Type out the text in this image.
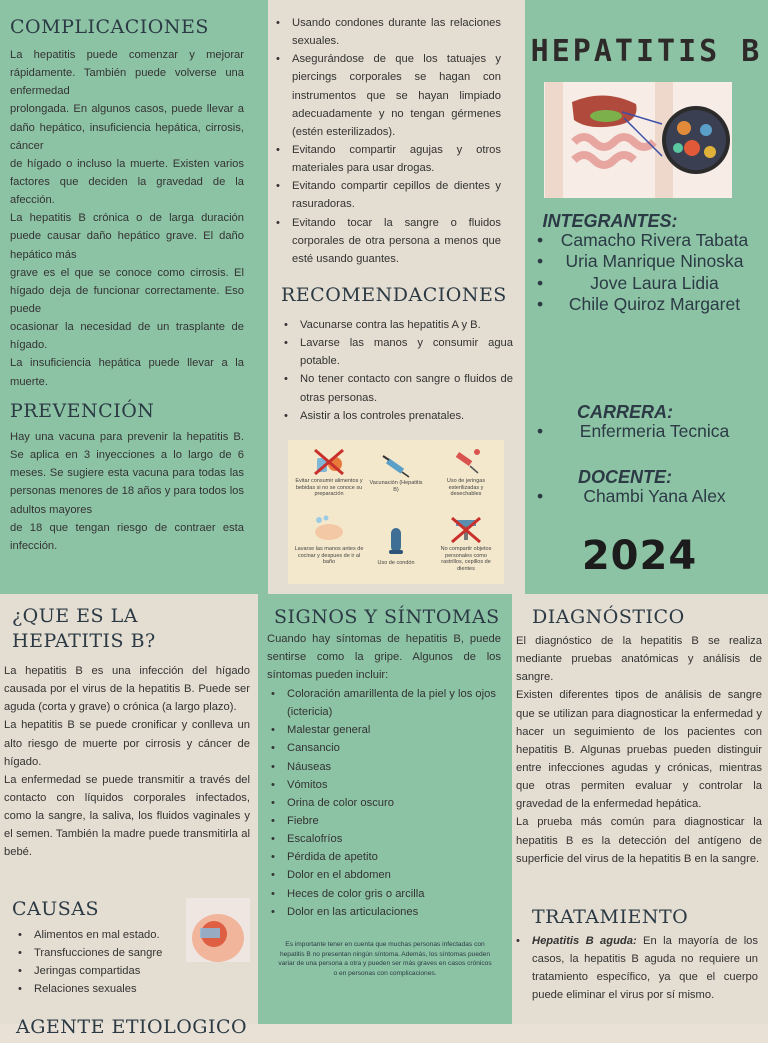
COMPLICACIONES

La hepatitis puede comenzar y mejorar rápidamente. También puede volverse una enfermedad

prolongada. En algunos casos, puede llevar a daño hepático, insuficiencia hepática, cirrosis, cáncer

de hígado o incluso la muerte. Existen varios factores que deciden la gravedad de la afección.

La hepatitis B crónica o de larga duración puede causar daño hepático grave. El daño hepático más

grave es el que se conoce como cirrosis. El hígado deja de funcionar correctamente. Eso puede

ocasionar la necesidad de un trasplante de hígado.

La insuficiencia hepática puede llevar a la muerte.

PREVENCIÓN

Hay una vacuna para prevenir la hepatitis B. Se aplica en 3 inyecciones a lo largo de 6 meses. Se sugiere esta vacuna para todas las personas menores de 18 años y para todos los adultos mayores

de 18 que tengan riesgo de contraer esta infección.

• Usando condones durante las relaciones sexuales.
• Asegurándose de que los tatuajes y piercings corporales se hagan con instrumentos que se hayan limpiado adecuadamente y no tengan gérmenes (estén esterilizados).
• Evitando compartir agujas y otros materiales para usar drogas.
• Evitando compartir cepillos de dientes y rasuradoras.
• Evitando tocar la sangre o fluidos corporales de otra persona a menos que esté usando guantes.
RECOMENDACIONES
• Vacunarse contra las hepatitis A y B.
• Lavarse las manos y consumir agua potable.
• No tener contacto con sangre o fluidos de otras personas.
• Asistir a los controles prenatales.
Evitar consumir alimentos y bebidas si no se conoce su preparación
Vacunación (Hepatitis B)
Uso de jeringas esterilizadas y desechables
Lavarse las manos antes de cocinar y despues de ir al baño	Uso de condón
No compartir objetos personales como rastrillos, cepillos de dientes
HEPATITIS B
INTEGRANTES:
•	Camacho Rivera Tabata
•	Uria Manrique Ninoska
•	Jove Laura Lidia
•	Chile Quiroz Margaret
CARRERA:
•	Enfermeria Tecnica
DOCENTE:
•	Chambi Yana Alex
2024
¿QUE ES LA
HEPATITIS B?

La hepatitis B es una infección del hígado causada por el virus de la hepatitis B. Puede ser aguda (corta y grave) o crónica (a largo plazo).

La hepatitis B se puede cronificar y conlleva un alto riesgo de muerte por cirrosis y cáncer de hígado.

La enfermedad se puede transmitir a través del contacto con líquidos corporales infectados, como la sangre, la saliva, los fluidos vaginales y el semen. También la madre puede transmitirla al bebé.

CAUSAS
• Alimentos en mal estado.
• Transfucciones de sangre
• Jeringas compartidas
• Relaciones sexuales
AGENTE ETIOLOGICO
SIGNOS Y SÍNTOMAS

Cuando hay síntomas de hepatitis B, puede sentirse como la gripe. Algunos de los síntomas pueden incluir:

• Coloración amarillenta de la piel y los ojos (ictericia)
• Malestar general
• Cansancio
• Náuseas
• Vómitos
• Orina de color oscuro
• Fiebre
• Escalofríos
• Pérdida de apetito
• Dolor en el abdomen
• Heces de color gris o arcilla
• Dolor en las articulaciones

Es importante tener en cuenta que muchas personas infectadas con hepatitis B no presentan ningún síntoma. Además, los síntomas pueden variar de una persona a otra y pueden ser más graves en casos crónicos o en personas con complicaciones.

DIAGNÓSTICO

El diagnóstico de la hepatitis B se realiza mediante pruebas anatómicas y análisis de sangre.

Existen diferentes tipos de análisis de sangre que se utilizan para diagnosticar la enfermedad y hacer un seguimiento de los pacientes con hepatitis B. Algunas pruebas pueden distinguir entre infecciones agudas y crónicas, mientras que otras permiten evaluar y controlar la gravedad de la enfermedad hepática.

La prueba más común para diagnosticar la hepatitis B es la detección del antígeno de superficie del virus de la hepatitis B en la sangre.

TRATAMIENTO
• Hepatitis B aguda: En la mayoría de los casos, la hepatitis B aguda no requiere un tratamiento específico, ya que el cuerpo puede eliminar el virus por sí mismo.
